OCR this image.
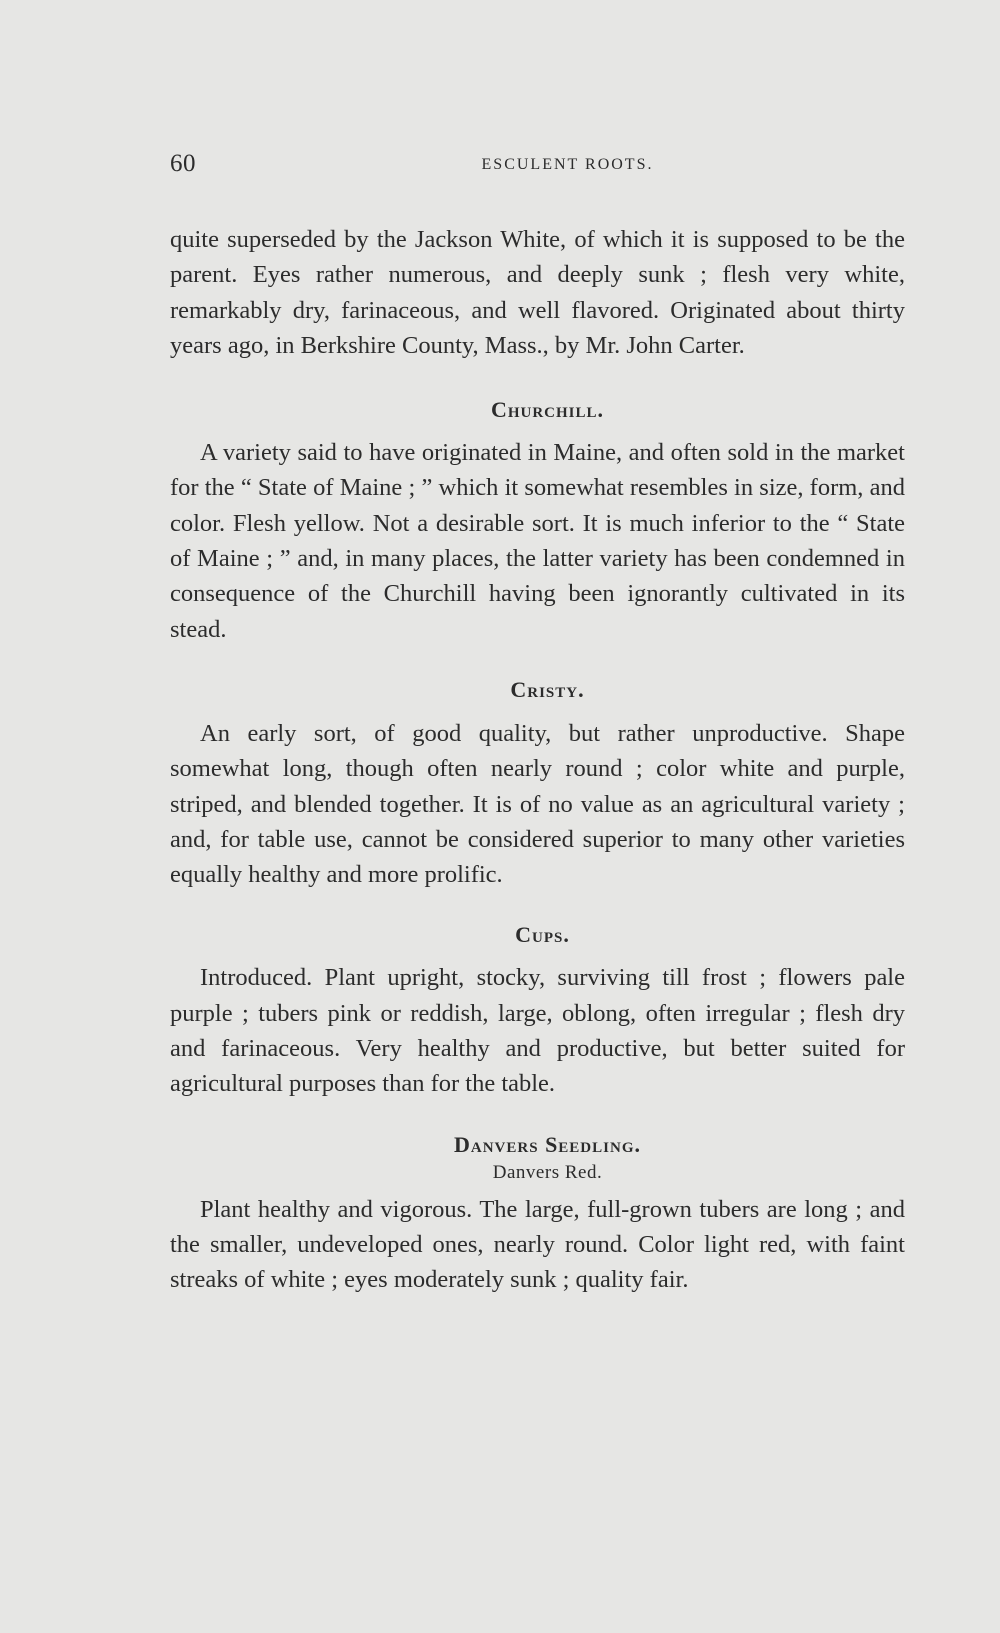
60	ESCULENT ROOTS.

quite superseded by the Jackson White, of which it is supposed to be the parent. Eyes rather numerous, and deeply sunk ; flesh very white, remarkably dry, farinaceous, and well flavored. Originated about thirty years ago, in Berkshire County, Mass., by Mr. John Carter.

Churchill.

A variety said to have originated in Maine, and often sold in the market for the “ State of Maine ; ” which it somewhat resembles in size, form, and color. Flesh yellow. Not a desirable sort. It is much inferior to the “ State of Maine ; ” and, in many places, the latter variety has been condemned in consequence of the Churchill having been ignorantly cultivated in its stead.

Cristy.

An early sort, of good quality, but rather unproductive. Shape somewhat long, though often nearly round ; color white and purple, striped, and blended together. It is of no value as an agricultural variety ; and, for table use, cannot be considered superior to many other varieties equally healthy and more prolific.

Cups.

Introduced. Plant upright, stocky, surviving till frost ; flowers pale purple ; tubers pink or reddish, large, oblong, often irregular ; flesh dry and farinaceous. Very healthy and productive, but better suited for agricultural purposes than for the table.

Danvers Seedling.
Danvers Red.

Plant healthy and vigorous. The large, full-grown tubers are long ; and the smaller, undeveloped ones, nearly round. Color light red, with faint streaks of white ; eyes moderately sunk ; quality fair.
